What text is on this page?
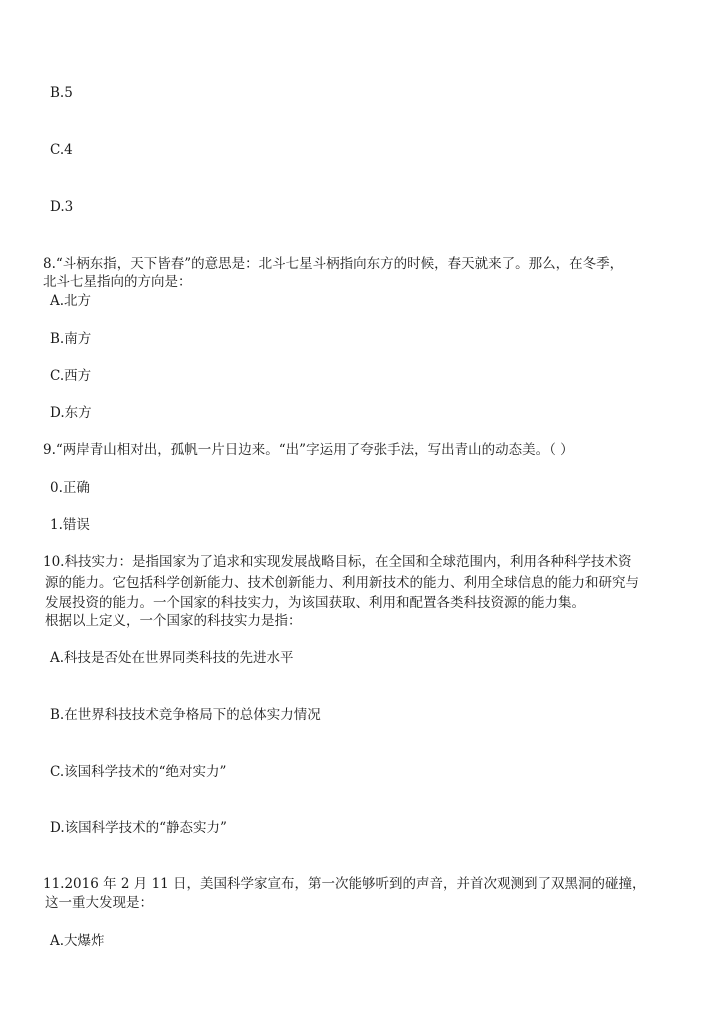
B.5

C.4

D.3

8.“斗柄东指，天下皆春”的意思是：北斗七星斗柄指向东方的时候，春天就来了。那么，在冬季，

北斗七星指向的方向是：

A.北方

B.南方

C.西方

D.东方

9.“两岸青山相对出，孤帆一片日边来。“出”字运用了夸张手法，写出青山的动态美。（ ）

0.正确

1.错误

10.科技实力：是指国家为了追求和实现发展战略目标，在全国和全球范围内，利用各种科学技术资

源的能力。它包括科学创新能力、技术创新能力、利用新技术的能力、利用全球信息的能力和研究与

发展投资的能力。一个国家的科技实力，为该国获取、利用和配置各类科技资源的能力集。

根据以上定义，一个国家的科技实力是指：

A.科技是否处在世界同类科技的先进水平

B.在世界科技技术竞争格局下的总体实力情况

C.该国科学技术的“绝对实力”

D.该国科学技术的“静态实力”

11.2016 年 2 月 11 日，美国科学家宣布，第一次能够听到的声音，并首次观测到了双黑洞的碰撞，

这一重大发现是：

A.大爆炸
